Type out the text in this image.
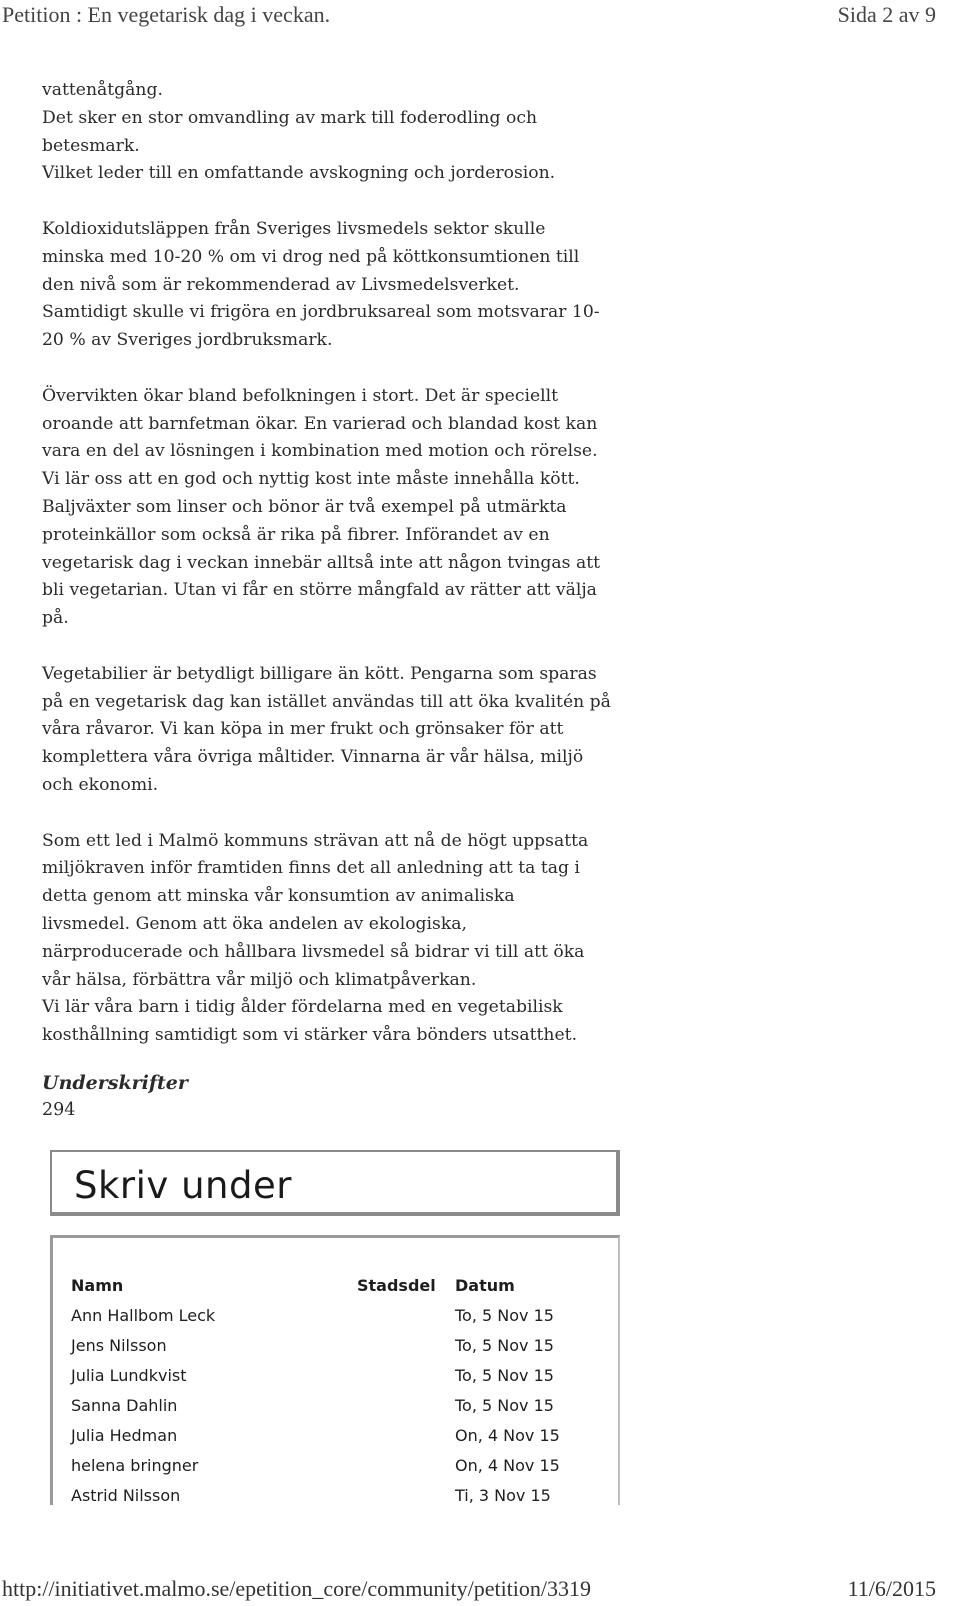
Petition : En vegetarisk dag i veckan.	Sida 2 av 9

vattenåtgång.
Det sker en stor omvandling av mark till foderodling och
betesmark.
Vilket leder till en omfattande avskogning och jorderosion.

Koldioxidutsläppen från Sveriges livsmedels sektor skulle
minska med 10-20 % om vi drog ned på köttkonsumtionen till
den nivå som är rekommenderad av Livsmedelsverket.
Samtidigt skulle vi frigöra en jordbruksareal som motsvarar 10-
20 % av Sveriges jordbruksmark.

Övervikten ökar bland befolkningen i stort. Det är speciellt
oroande att barnfetman ökar. En varierad och blandad kost kan
vara en del av lösningen i kombination med motion och rörelse.
Vi lär oss att en god och nyttig kost inte måste innehålla kött.
Baljväxter som linser och bönor är två exempel på utmärkta
proteinkällor som också är rika på fibrer. Införandet av en
vegetarisk dag i veckan innebär alltså inte att någon tvingas att
bli vegetarian. Utan vi får en större mångfald av rätter att välja
på.

Vegetabilier är betydligt billigare än kött. Pengarna som sparas
på en vegetarisk dag kan istället användas till att öka kvalitén på
våra råvaror. Vi kan köpa in mer frukt och grönsaker för att
komplettera våra övriga måltider. Vinnarna är vår hälsa, miljö
och ekonomi.

Som ett led i Malmö kommuns strävan att nå de högt uppsatta
miljökraven inför framtiden finns det all anledning att ta tag i
detta genom att minska vår konsumtion av animaliska
livsmedel. Genom att öka andelen av ekologiska,
närproducerade och hållbara livsmedel så bidrar vi till att öka
vår hälsa, förbättra vår miljö och klimatpåverkan.
Vi lär våra barn i tidig ålder fördelarna med en vegetabilisk
kosthållning samtidigt som vi stärker våra bönders utsatthet.

Underskrifter
294
Skriv under
Namn	Stadsdel	Datum
Ann Hallbom Leck		To, 5 Nov 15
Jens Nilsson		To, 5 Nov 15
Julia Lundkvist		To, 5 Nov 15
Sanna Dahlin		To, 5 Nov 15
Julia Hedman		On, 4 Nov 15
helena bringner		On, 4 Nov 15
Astrid Nilsson		Ti, 3 Nov 15
http://initiativet.malmo.se/epetition_core/community/petition/3319	11/6/2015
